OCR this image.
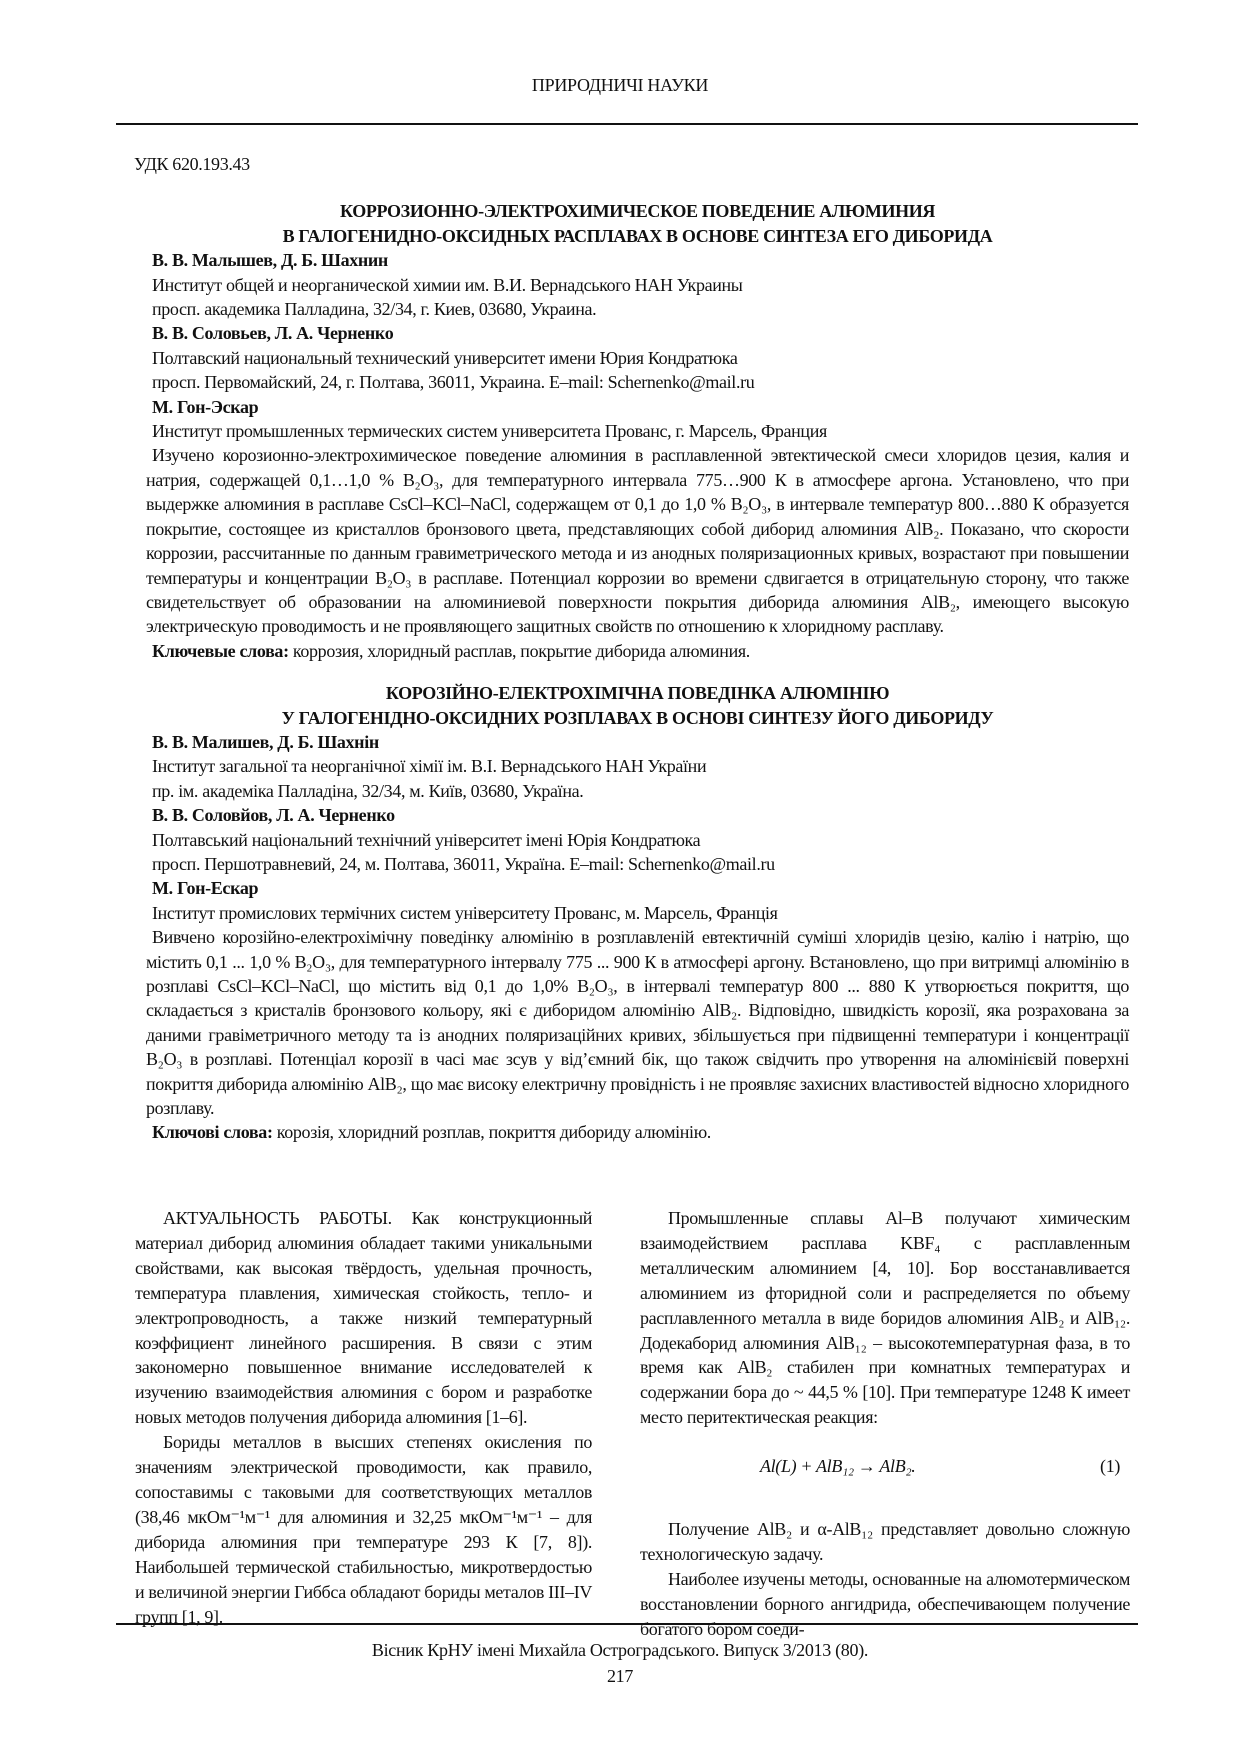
ПРИРОДНИЧІ НАУКИ
УДК 620.193.43

КОРРОЗИОННО-ЭЛЕКТРОХИМИЧЕСКОЕ ПОВЕДЕНИЕ АЛЮМИНИЯ

В ГАЛОГЕНИДНО-ОКСИДНЫХ РАСПЛАВАХ В ОСНОВЕ СИНТЕЗА ЕГО ДИБОРИДА

В. В. Малышев, Д. Б. Шахнин

Институт общей и неорганической химии им. В.И. Вернадського НАН Украины

просп. академика Палладина, 32/34, г. Киев, 03680, Украина.

В. В. Соловьев, Л. А. Черненко

Полтавский национальный технический университет имени Юрия Кондратюка

просп. Первомайский, 24, г. Полтава, 36011, Украина. E–mail: Schernenko@mail.ru

М. Гон-Эскар

Институт промышленных термических систем университета Прованс, г. Марсель, Франция

Изучено корозионно-электрохимическое поведение алюминия в расплавленной эвтектической смеси хлоридов цезия, калия и натрия, содержащей 0,1…1,0 % B₂O₃, для температурного интервала 775…900 К в атмосфере аргона. Установлено, что при выдержке алюминия в расплаве CsCl–KCl–NaCl, содержащем от 0,1 до 1,0 % B₂O₃, в интервале температур 800…880 К образуется покрытие, состоящее из кристаллов бронзового цвета, представляющих собой диборид алюминия AlB₂. Показано, что скорости коррозии, рассчитанные по данным гравиметрического метода и из анодных поляризационных кривых, возрастают при повышении температуры и концентрации B₂O₃ в расплаве. Потенциал коррозии во времени сдвигается в отрицательную сторону, что также свидетельствует об образовании на алюминиевой поверхности покрытия диборида алюминия AlB₂, имеющего высокую электрическую проводимость и не проявляющего защитных свойств по отношению к хлоридному расплаву.

Ключевые слова: коррозия, хлоридный расплав, покрытие диборида алюминия.

КОРОЗІЙНО-ЕЛЕКТРОХІМІЧНА ПОВЕДІНКА АЛЮМІНІЮ

У ГАЛОГЕНІДНО-ОКСИДНИХ РОЗПЛАВАХ В ОСНОВІ СИНТЕЗУ ЙОГО ДИБОРИДУ

В. В. Малишев, Д. Б. Шахнін

Інститут загальної та неорганічної хімії ім. В.І. Вернадського НАН України

пр. ім. академіка Палладіна, 32/34, м. Київ, 03680, Україна.

В. В. Соловйов, Л. А. Черненко

Полтавський національний технічний університет імені Юрія Кондратюка

просп. Першотравневий, 24, м. Полтава, 36011, Україна. E–mail: Schernenko@mail.ru

М. Гон-Ескар

Інститут промислових термічних систем університету Прованс, м. Марсель, Франція

Вивчено корозійно-електрохімічну поведінку алюмінію в розплавленій евтектичній суміші хлоридів цезію, калію і натрію, що містить 0,1 ... 1,0 % B₂O₃, для температурного інтервалу 775 ... 900 К в атмосфері аргону. Встановлено, що при витримці алюмінію в розплаві CsCl–KCl–NaCl, що містить від 0,1 до 1,0% B₂O₃, в інтервалі температур 800 ... 880 К утворюється покриття, що складається з кристалів бронзового кольору, які є диборидом алюмінію AlB₂. Відповідно, швидкість корозії, яка розрахована за даними гравіметричного методу та із анодних поляризаційних кривих, збільшується при підвищенні температури і концентрації B₂O₃ в розплаві. Потенціал корозії в часі має зсув у від’ємний бік, що також свідчить про утворення на алюмінієвій поверхні покриття диборида алюмінію AlB₂, що має високу електричну провідність і не проявляє захисних властивостей відносно хлоридного розплаву.

Ключові слова: корозія, хлоридний розплав, покриття дибориду алюмінію.

АКТУАЛЬНОСТЬ РАБОТЫ. Как конструкционный материал диборид алюминия обладает такими уникальными свойствами, как высокая твёрдость, удельная прочность, температура плавления, химическая стойкость, тепло- и электропроводность, а также низкий температурный коэффициент линейного расширения. В связи с этим закономерно повышенное внимание исследователей к изучению взаимодействия алюминия с бором и разработке новых методов получения диборида алюминия [1–6].

Бориды металлов в высших степенях окисления по значениям электрической проводимости, как правило, сопоставимы с таковыми для соответствующих металлов (38,46 мкОм⁻¹м⁻¹ для алюминия и 32,25 мкОм⁻¹м⁻¹ – для диборида алюминия при температуре 293 К [7, 8]). Наибольшей термической стабильностью, микротвердостью и величиной энергии Гиббса обладают бориды металов III–IV групп [1, 9].

Промышленные сплавы Al–B получают химическим взаимодействием расплава KBF₄ с расплавленным металлическим алюминием [4, 10]. Бор восстанавливается алюминием из фторидной соли и распределяется по объему расплавленного металла в виде боридов алюминия AlB₂ и AlB₁₂. Додекаборид алюминия AlB₁₂ – высокотемпературная фаза, в то время как AlB₂ стабилен при комнатных температурах и содержании бора до ~ 44,5 % [10]. При температуре 1248 К имеет место перитектическая реакция:

Al(L) + AlB₁₂ → AlB₂.	(1)

Получение AlB₂ и α-AlB₁₂ представляет довольно сложную технологическую задачу.

Наиболее изучены методы, основанные на алюмотермическом восстановлении борного ангидрида, обеспечивающем получение богатого бором соеди-

Вісник КрНУ імені Михайла Остроградського. Випуск 3/2013 (80).
217
